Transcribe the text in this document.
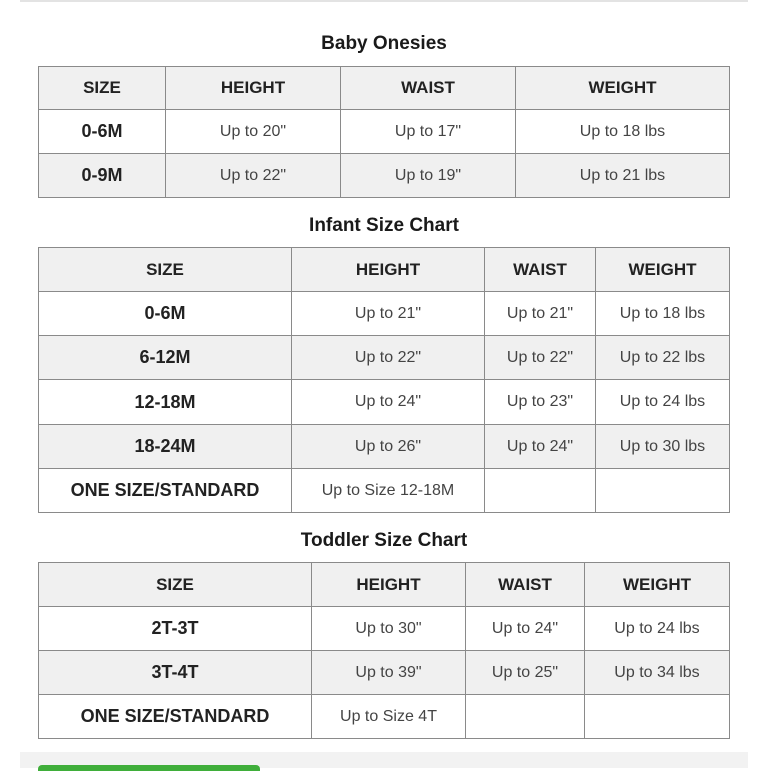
Baby Onesies
SIZE	HEIGHT	WAIST	WEIGHT
0-6M	Up to 20"	Up to 17"	Up to 18 lbs
0-9M	Up to 22"	Up to 19"	Up to 21 lbs
Infant Size Chart
SIZE	HEIGHT	WAIST	WEIGHT
0-6M	Up to 21"	Up to 21"	Up to 18 lbs
6-12M	Up to 22"	Up to 22"	Up to 22 lbs
12-18M	Up to 24"	Up to 23"	Up to 24 lbs
18-24M	Up to 26"	Up to 24"	Up to 30 lbs
ONE SIZE/STANDARD	Up to Size 12-18M		
Toddler Size Chart
SIZE	HEIGHT	WAIST	WEIGHT
2T-3T	Up to 30"	Up to 24"	Up to 24 lbs
3T-4T	Up to 39"	Up to 25"	Up to 34 lbs
ONE SIZE/STANDARD	Up to Size 4T		
